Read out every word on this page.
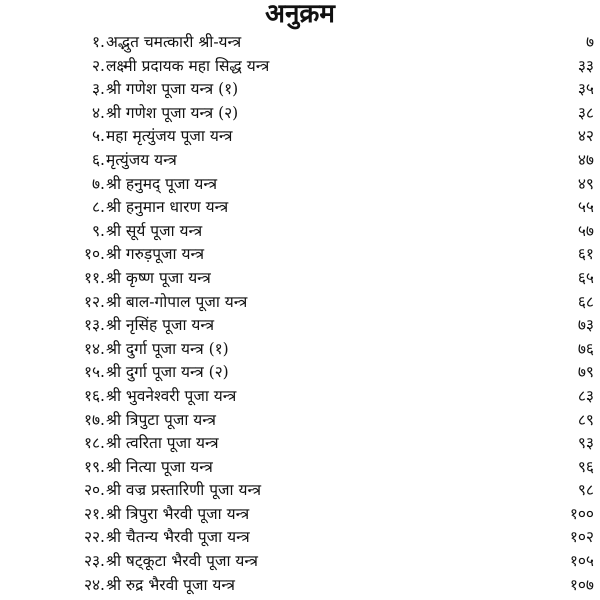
अनुक्रम
१. अद्भुत चमत्कारी श्री-यन्त्र	७
२. लक्ष्मी प्रदायक महा सिद्ध यन्त्र	३३
३. श्री गणेश पूजा यन्त्र (१)	३५
४. श्री गणेश पूजा यन्त्र (२)	३८
५. महा मृत्युंजय पूजा यन्त्र	४२
६. मृत्युंजय यन्त्र	४७
७. श्री हनुमद् पूजा यन्त्र	४९
८. श्री हनुमान धारण यन्त्र	५५
९. श्री सूर्य पूजा यन्त्र	५७
१०. श्री गरुड़पूजा यन्त्र	६१
११. श्री कृष्ण पूजा यन्त्र	६५
१२. श्री बाल-गोपाल पूजा यन्त्र	६८
१३. श्री नृसिंह पूजा यन्त्र	७३
१४. श्री दुर्गा पूजा यन्त्र (१)	७६
१५. श्री दुर्गा पूजा यन्त्र (२)	७९
१६. श्री भुवनेश्वरी पूजा यन्त्र	८३
१७. श्री त्रिपुटा पूजा यन्त्र	८९
१८. श्री त्वरिता पूजा यन्त्र	९३
१९. श्री नित्या पूजा यन्त्र	९६
२०. श्री वज्र प्रस्तारिणी पूजा यन्त्र	९८
२१. श्री त्रिपुरा भैरवी पूजा यन्त्र	१००
२२. श्री चैतन्य भैरवी पूजा यन्त्र	१०२
२३. श्री षट्कूटा भैरवी पूजा यन्त्र	१०५
२४. श्री रुद्र भैरवी पूजा यन्त्र	१०७
